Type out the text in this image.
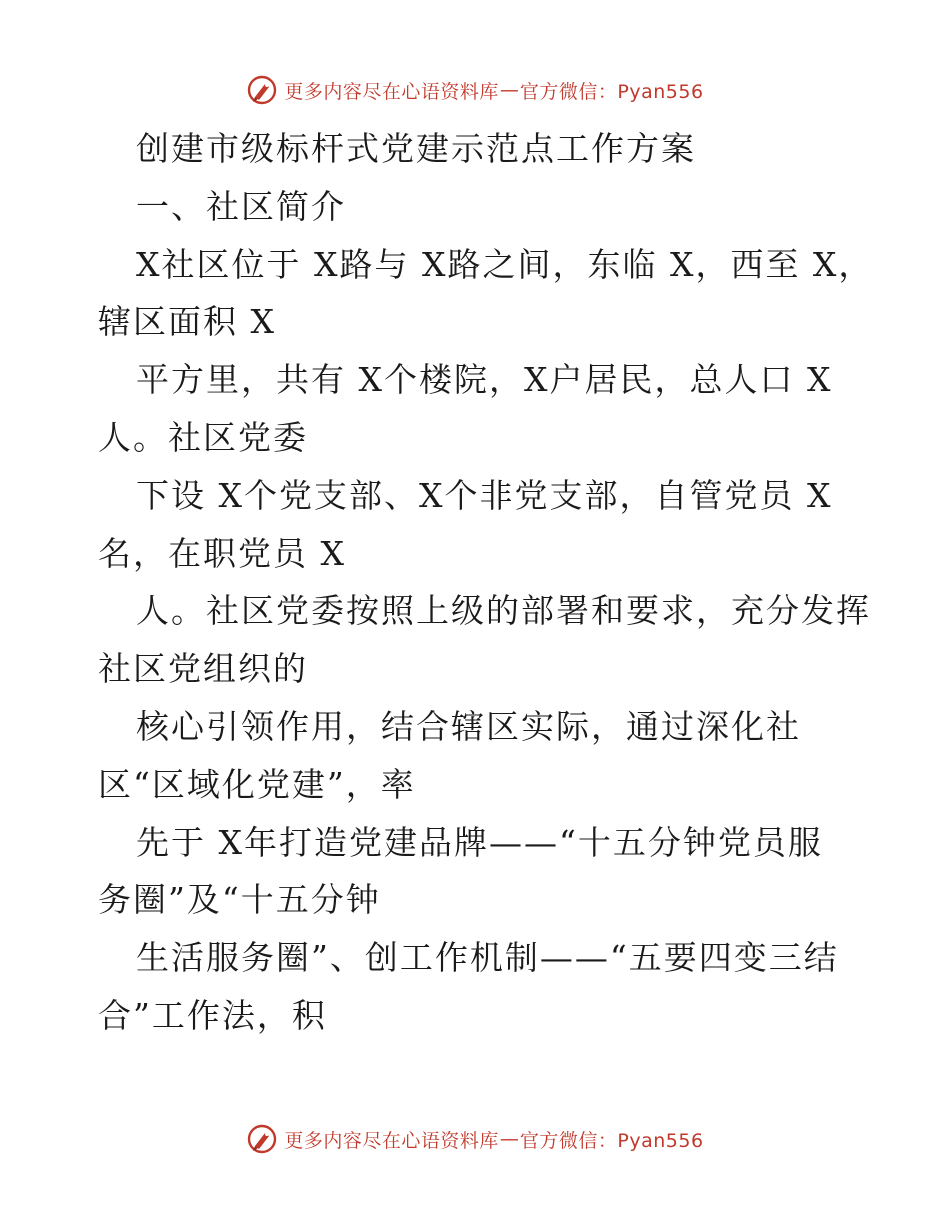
更多内容尽在心语资料库 — 官方微信：Pyan556
创建市级标杆式党建示范点工作方案
一、社区简介
X社区位于 X路与 X路之间，东临 X，西至 X，
辖区面积 X
平方里，共有 X个楼院，X户居民，总人口 X
人。社区党委
下设 X个党支部、X个非党支部，自管党员 X
名，在职党员 X
人。社区党委按照上级的部署和要求，充分发挥
社区党组织的
核心引领作用，结合辖区实际，通过深化社
区“区域化党建”，率
先于 X年打造党建品牌——“十五分钟党员服
务圈”及“十五分钟
生活服务圈”、创工作机制——“五要四变三结
合”工作法，积
更多内容尽在心语资料库 — 官方微信：Pyan556
